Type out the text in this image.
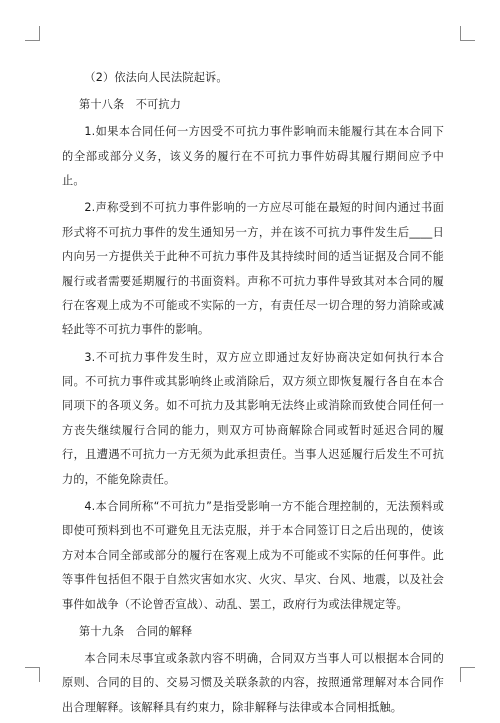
（2）依法向人民法院起诉。

第十八条　不可抗力

1.如果本合同任何一方因受不可抗力事件影响而未能履行其在本合同下的全部或部分义务，该义务的履行在不可抗力事件妨碍其履行期间应予中止。

2.声称受到不可抗力事件影响的一方应尽可能在最短的时间内通过书面形式将不可抗力事件的发生通知另一方，并在该不可抗力事件发生后____日内向另一方提供关于此种不可抗力事件及其持续时间的适当证据及合同不能履行或者需要延期履行的书面资料。声称不可抗力事件导致其对本合同的履行在客观上成为不可能或不实际的一方，有责任尽一切合理的努力消除或减轻此等不可抗力事件的影响。

3.不可抗力事件发生时，双方应立即通过友好协商决定如何执行本合同。不可抗力事件或其影响终止或消除后，双方须立即恢复履行各自在本合同项下的各项义务。如不可抗力及其影响无法终止或消除而致使合同任何一方丧失继续履行合同的能力，则双方可协商解除合同或暂时延迟合同的履行，且遭遇不可抗力一方无须为此承担责任。当事人迟延履行后发生不可抗力的，不能免除责任。

4.本合同所称“不可抗力”是指受影响一方不能合理控制的，无法预料或即使可预料到也不可避免且无法克服，并于本合同签订日之后出现的，使该方对本合同全部或部分的履行在客观上成为不可能或不实际的任何事件。此等事件包括但不限于自然灾害如水灾、火灾、旱灾、台风、地震，以及社会事件如战争（不论曾否宣战）、动乱、罢工，政府行为或法律规定等。

第十九条　合同的解释

本合同未尽事宜或条款内容不明确，合同双方当事人可以根据本合同的原则、合同的目的、交易习惯及关联条款的内容，按照通常理解对本合同作出合理解释。该解释具有约束力，除非解释与法律或本合同相抵触。
